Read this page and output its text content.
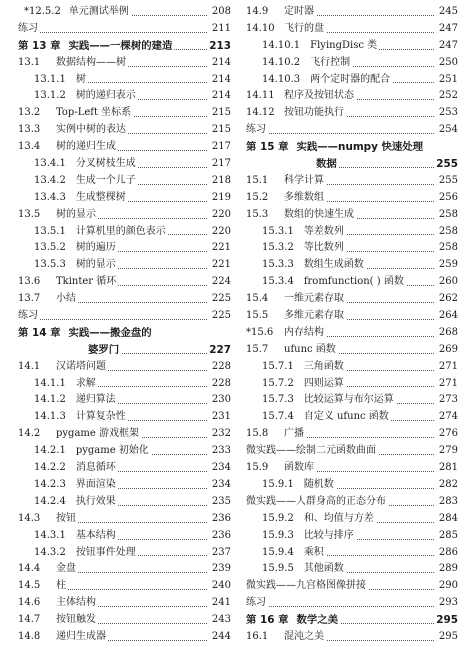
*12.5.2 单元测试举例	208
练习	211
第 13 章 实践——一棵树的建造	213
13.1 数据结构——树	214
13.1.1 树	214
13.1.2 树的递归表示	214
13.2 Top-Left 坐标系	215
13.3 实例中树的表达	215
13.4 树的递归生成	217
13.4.1 分叉树枝生成	217
13.4.2 生成一个儿子	218
13.4.3 生成整棵树	219
13.5 树的显示	220
13.5.1 计算机里的颜色表示	220
13.5.2 树的遍历	221
13.5.3 树的显示	221
13.6 Tkinter 循环	224
13.7 小结	225
练习	225
第 14 章 实践——搬金盘的
婆罗门	227
14.1 汉诺塔问题	228
14.1.1 求解	228
14.1.2 递归算法	230
14.1.3 计算复杂性	231
14.2 pygame 游戏框架	232
14.2.1 pygame 初始化	233
14.2.2 消息循环	234
14.2.3 界面渲染	234
14.2.4 执行效果	235
14.3 按钮	236
14.3.1 基本结构	236
14.3.2 按钮事件处理	237
14.4 金盘	239
14.5 柱	240
14.6 主体结构	241
14.7 按钮触发	243
14.8 递归生成器	244
14.9 定时器	245
14.10 飞行的盘	247
14.10.1 FlyingDisc 类	247
14.10.2 飞行控制	250
14.10.3 两个定时器的配合	251
14.11 程序及按钮状态	252
14.12 按钮功能执行	253
练习	254
第 15 章 实践——numpy 快速处理
数据	255
15.1 科学计算	255
15.2 多维数组	256
15.3 数组的快速生成	258
15.3.1 等差数列	258
15.3.2 等比数列	258
15.3.3 数组生成函数	259
15.3.4 fromfunction( ) 函数	260
15.4 一维元素存取	262
15.5 多维元素存取	264
*15.6 内存结构	268
15.7 ufunc 函数	269
15.7.1 三角函数	271
15.7.2 四则运算	271
15.7.3 比较运算与布尔运算	273
15.7.4 自定义 ufunc 函数	274
15.8 广播	276
微实践——绘制二元函数曲面	279
15.9 函数库	281
15.9.1 随机数	282
微实践——人群身高的正态分布	283
15.9.2 和、均值与方差	284
15.9.3 比较与排序	285
15.9.4 乘积	286
15.9.5 其他函数	289
微实践——九宫格图像拼接	290
练习	293
第 16 章 数学之美	295
16.1 混沌之美	295
